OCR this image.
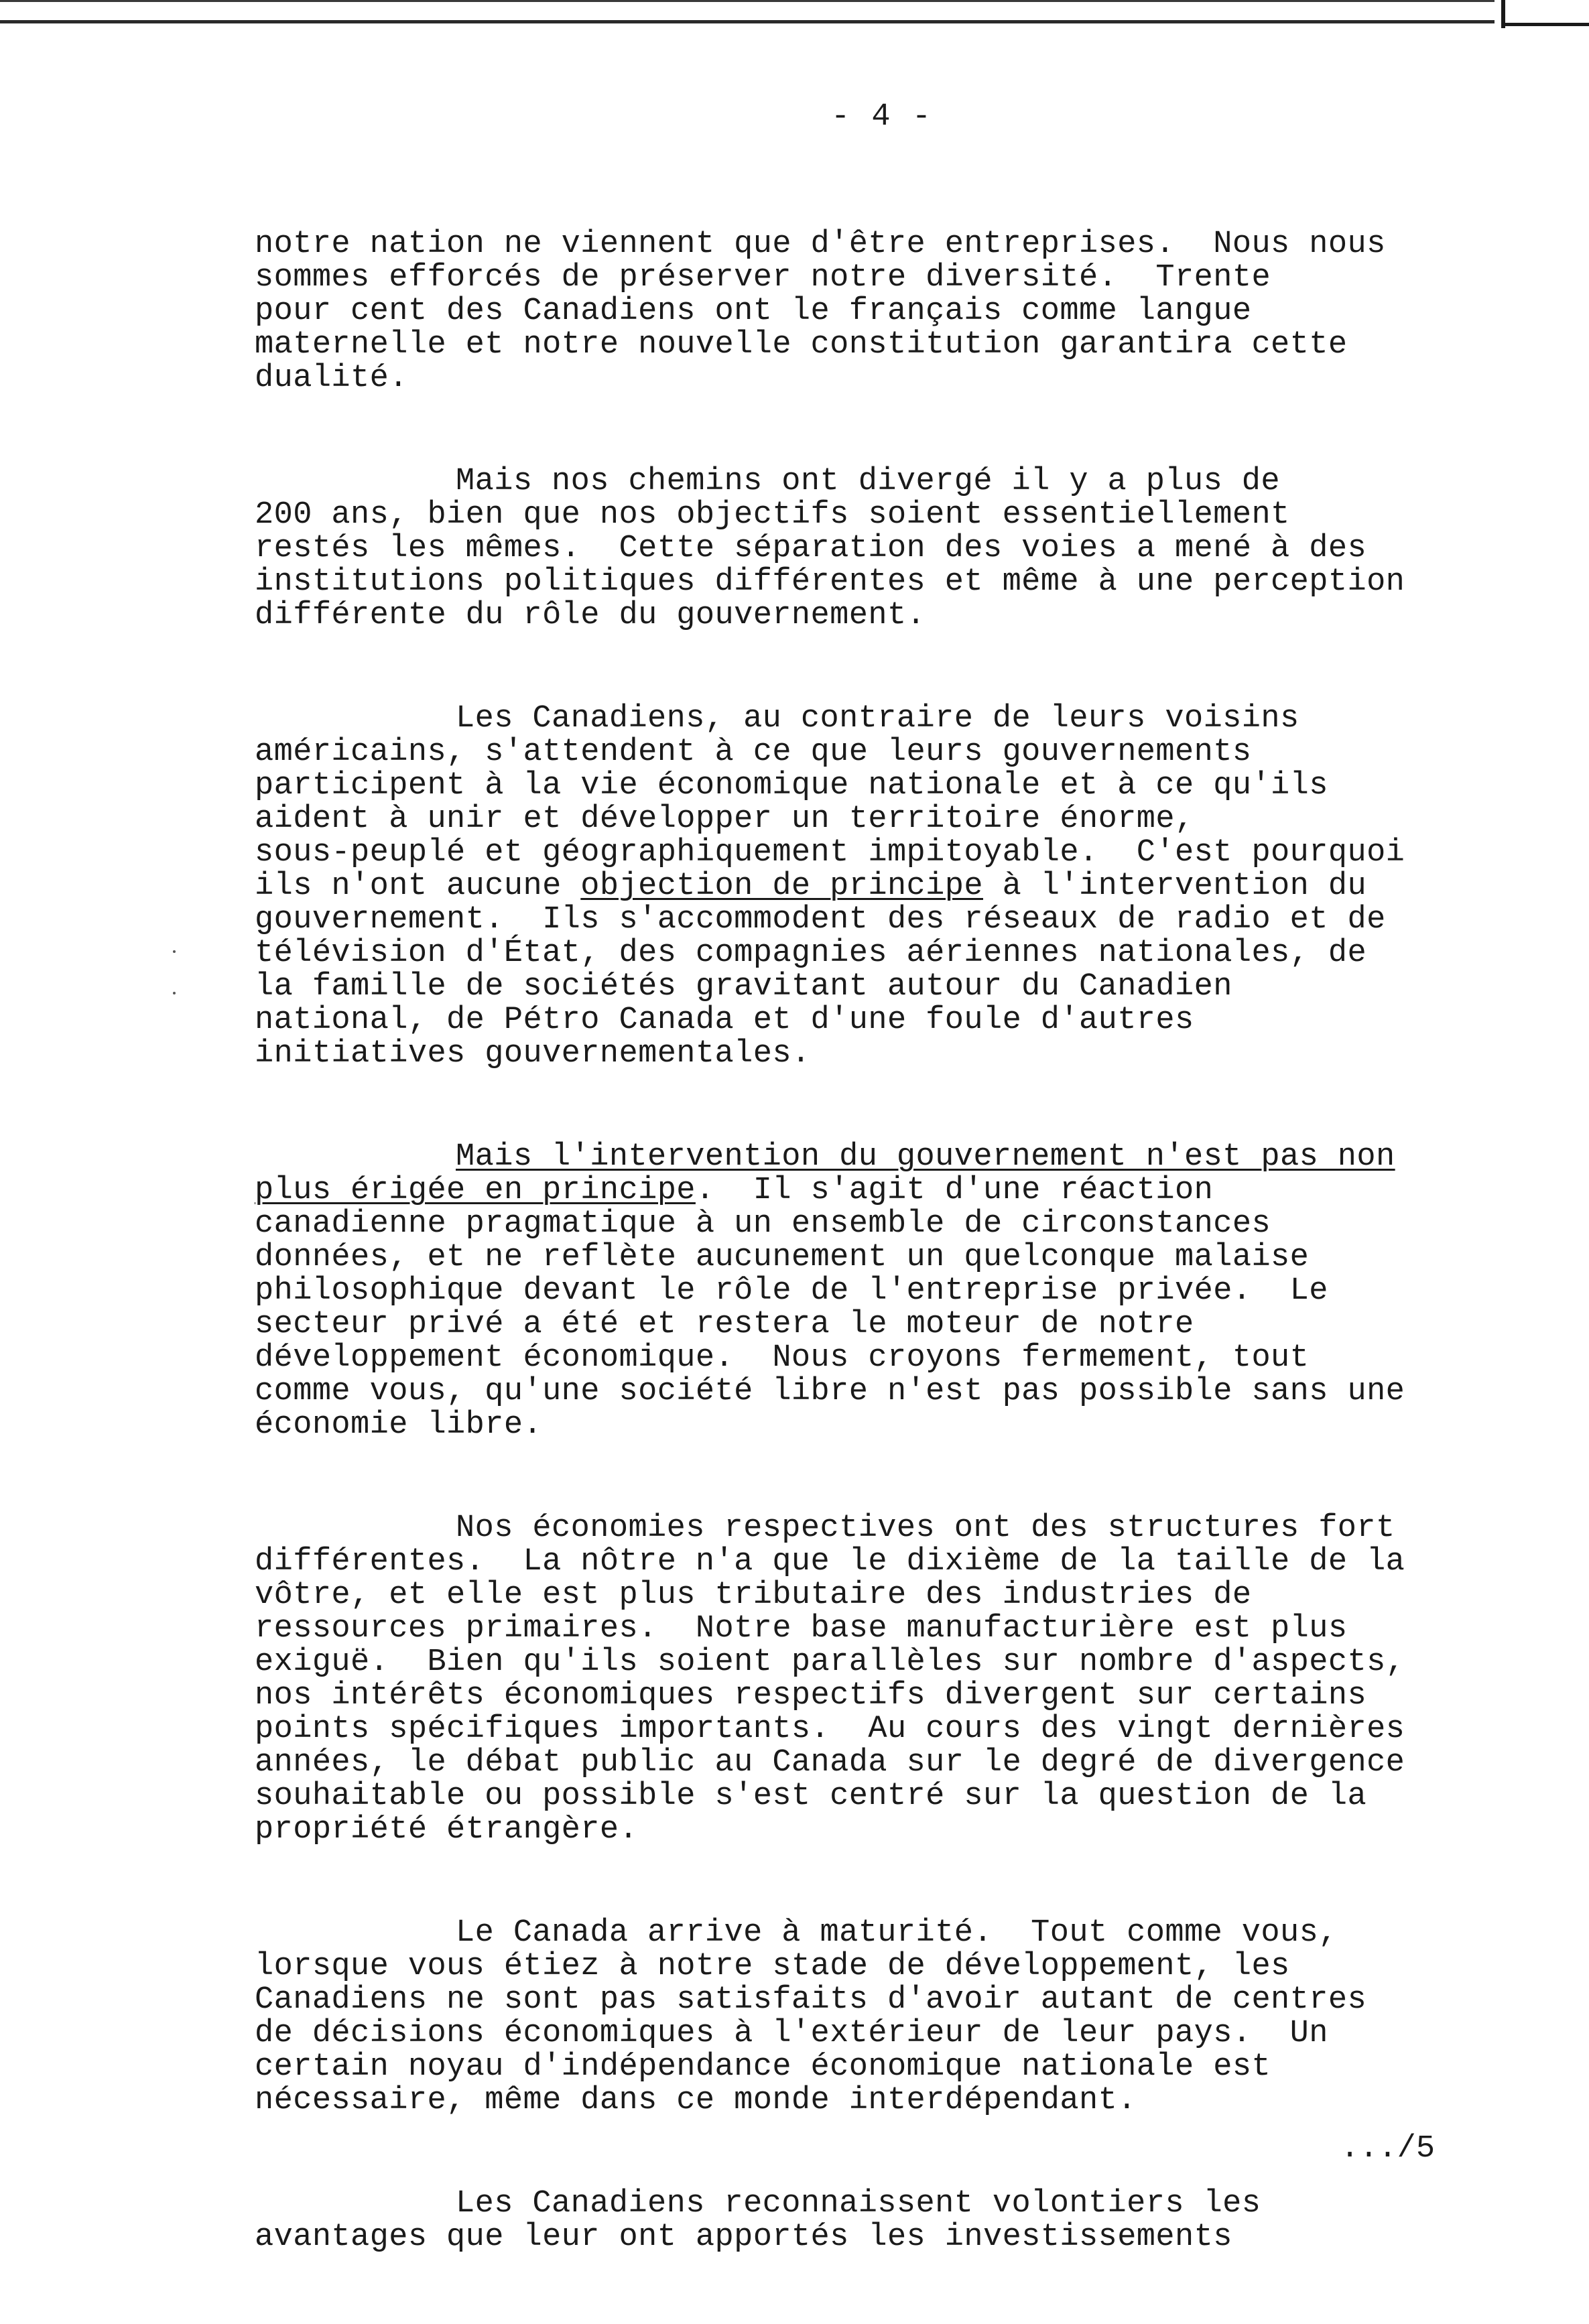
- 4 -

notre nation ne viennent que d'être entreprises.  Nous nous
sommes efforcés de préserver notre diversité.  Trente
pour cent des Canadiens ont le français comme langue
maternelle et notre nouvelle constitution garantira cette
dualité.

Mais nos chemins ont divergé il y a plus de
200 ans, bien que nos objectifs soient essentiellement
restés les mêmes.  Cette séparation des voies a mené à des
institutions politiques différentes et même à une perception
différente du rôle du gouvernement.

Les Canadiens, au contraire de leurs voisins
américains, s'attendent à ce que leurs gouvernements
participent à la vie économique nationale et à ce qu'ils
aident à unir et développer un territoire énorme,
sous-peuplé et géographiquement impitoyable.  C'est pourquoi
ils n'ont aucune objection de principe à l'intervention du
gouvernement.  Ils s'accommodent des réseaux de radio et de
télévision d'État, des compagnies aériennes nationales, de
la famille de sociétés gravitant autour du Canadien
national, de Pétro Canada et d'une foule d'autres
initiatives gouvernementales.

Mais l'intervention du gouvernement n'est pas non
plus érigée en principe.  Il s'agit d'une réaction
canadienne pragmatique à un ensemble de circonstances
données, et ne reflète aucunement un quelconque malaise
philosophique devant le rôle de l'entreprise privée.  Le
secteur privé a été et restera le moteur de notre
développement économique.  Nous croyons fermement, tout
comme vous, qu'une société libre n'est pas possible sans une
économie libre.

Nos économies respectives ont des structures fort
différentes.  La nôtre n'a que le dixième de la taille de la
vôtre, et elle est plus tributaire des industries de
ressources primaires.  Notre base manufacturière est plus
exiguë.  Bien qu'ils soient parallèles sur nombre d'aspects,
nos intérêts économiques respectifs divergent sur certains
points spécifiques importants.  Au cours des vingt dernières
années, le débat public au Canada sur le degré de divergence
souhaitable ou possible s'est centré sur la question de la
propriété étrangère.

Le Canada arrive à maturité.  Tout comme vous,
lorsque vous étiez à notre stade de développement, les
Canadiens ne sont pas satisfaits d'avoir autant de centres
de décisions économiques à l'extérieur de leur pays.  Un
certain noyau d'indépendance économique nationale est
nécessaire, même dans ce monde interdépendant.

Les Canadiens reconnaissent volontiers les
avantages que leur ont apportés les investissements

.../5
